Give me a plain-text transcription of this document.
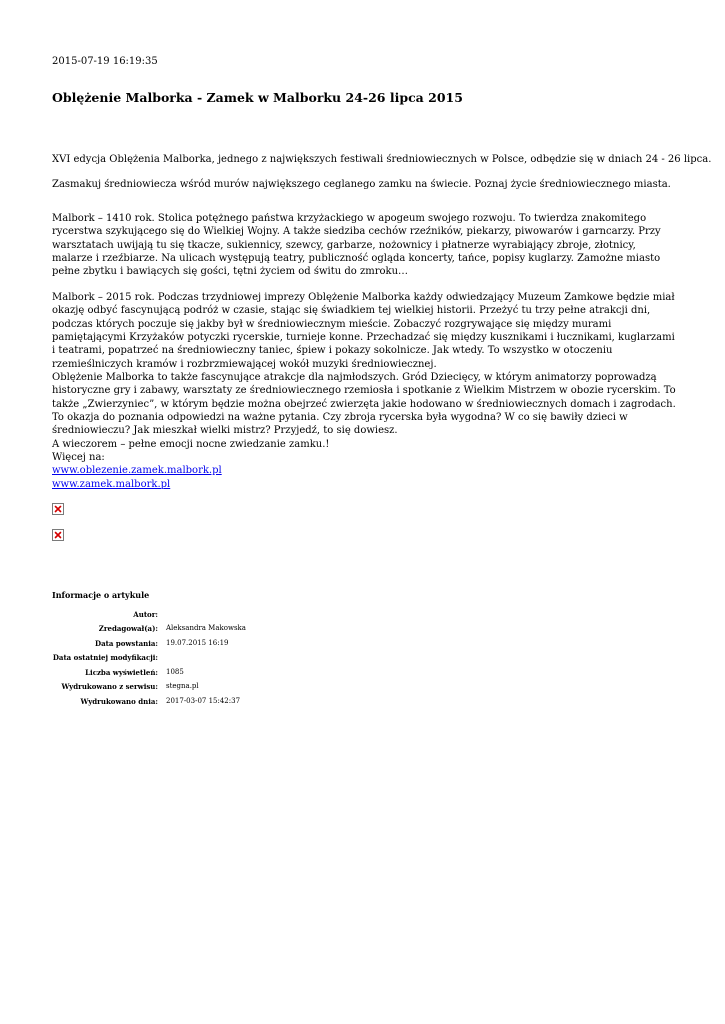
2015-07-19 16:19:35
Oblężenie Malborka - Zamek w Malborku 24-26 lipca 2015
XVI edycja Oblężenia Malborka, jednego z największych festiwali średniowiecznych w Polsce, odbędzie się w dniach 24 - 26 lipca.
Zasmakuj średniowiecza wśród murów największego ceglanego zamku na świecie. Poznaj życie średniowiecznego miasta.

Malbork – 1410 rok. Stolica potężnego państwa krzyżackiego w apogeum swojego rozwoju. To twierdza znakomitego rycerstwa szykującego się do Wielkiej Wojny. A także siedziba cechów rzeźników, piekarzy, piwowarów i garncarzy. Przy warsztatach uwijają tu się tkacze, sukiennicy, szewcy, garbarze, nożownicy i płatnerze wyrabiający zbroje, złotnicy, malarze i rzeźbiarze. Na ulicach występują teatry, publiczność ogląda koncerty, tańce, popisy kuglarzy. Zamożne miasto pełne zbytku i bawiących się gości, tętni życiem od świtu do zmroku…

Malbork – 2015 rok. Podczas trzydniowej imprezy Oblężenie Malborka każdy odwiedzający Muzeum Zamkowe będzie miał okazję odbyć fascynującą podróż w czasie, stając się świadkiem tej wielkiej historii. Przeżyć tu trzy pełne atrakcji dni, podczas których poczuje się jakby był w średniowiecznym mieście. Zobaczyć rozgrywające się między murami pamiętającymi Krzyżaków potyczki rycerskie, turnieje konne. Przechadzać się między kusznikami i łucznikami, kuglarzami i teatrami, popatrzeć na średniowieczny taniec, śpiew i pokazy sokolnicze. Jak wtedy. To wszystko w otoczeniu rzemieślniczych kramów i rozbrzmiewającej wokół muzyki średniowiecznej.

Oblężenie Malborka to także fascynujące atrakcje dla najmłodszych. Gród Dziecięcy, w którym animatorzy poprowadzą historyczne gry i zabawy, warsztaty ze średniowiecznego rzemiosła i spotkanie z Wielkim Mistrzem w obozie rycerskim. To także „Zwierzyniec”, w którym będzie można obejrzeć zwierzęta jakie hodowano w średniowiecznych domach i zagrodach.

To okazja do poznania odpowiedzi na ważne pytania. Czy zbroja rycerska była wygodna? W co się bawiły dzieci w średniowieczu? Jak mieszkał wielki mistrz? Przyjedź, to się dowiesz.

A wieczorem – pełne emocji nocne zwiedzanie zamku.!

Więcej na:

www.oblezenie.zamek.malbork.pl

www.zamek.malbork.pl

Informacje o artykule
Autor:	
Zredagował(a):	Aleksandra Makowska
Data powstania:	19.07.2015 16:19
Data ostatniej modyfikacji:	
Liczba wyświetleń:	1085
Wydrukowano z serwisu:	stegna.pl
Wydrukowano dnia:	2017-03-07 15:42:37
